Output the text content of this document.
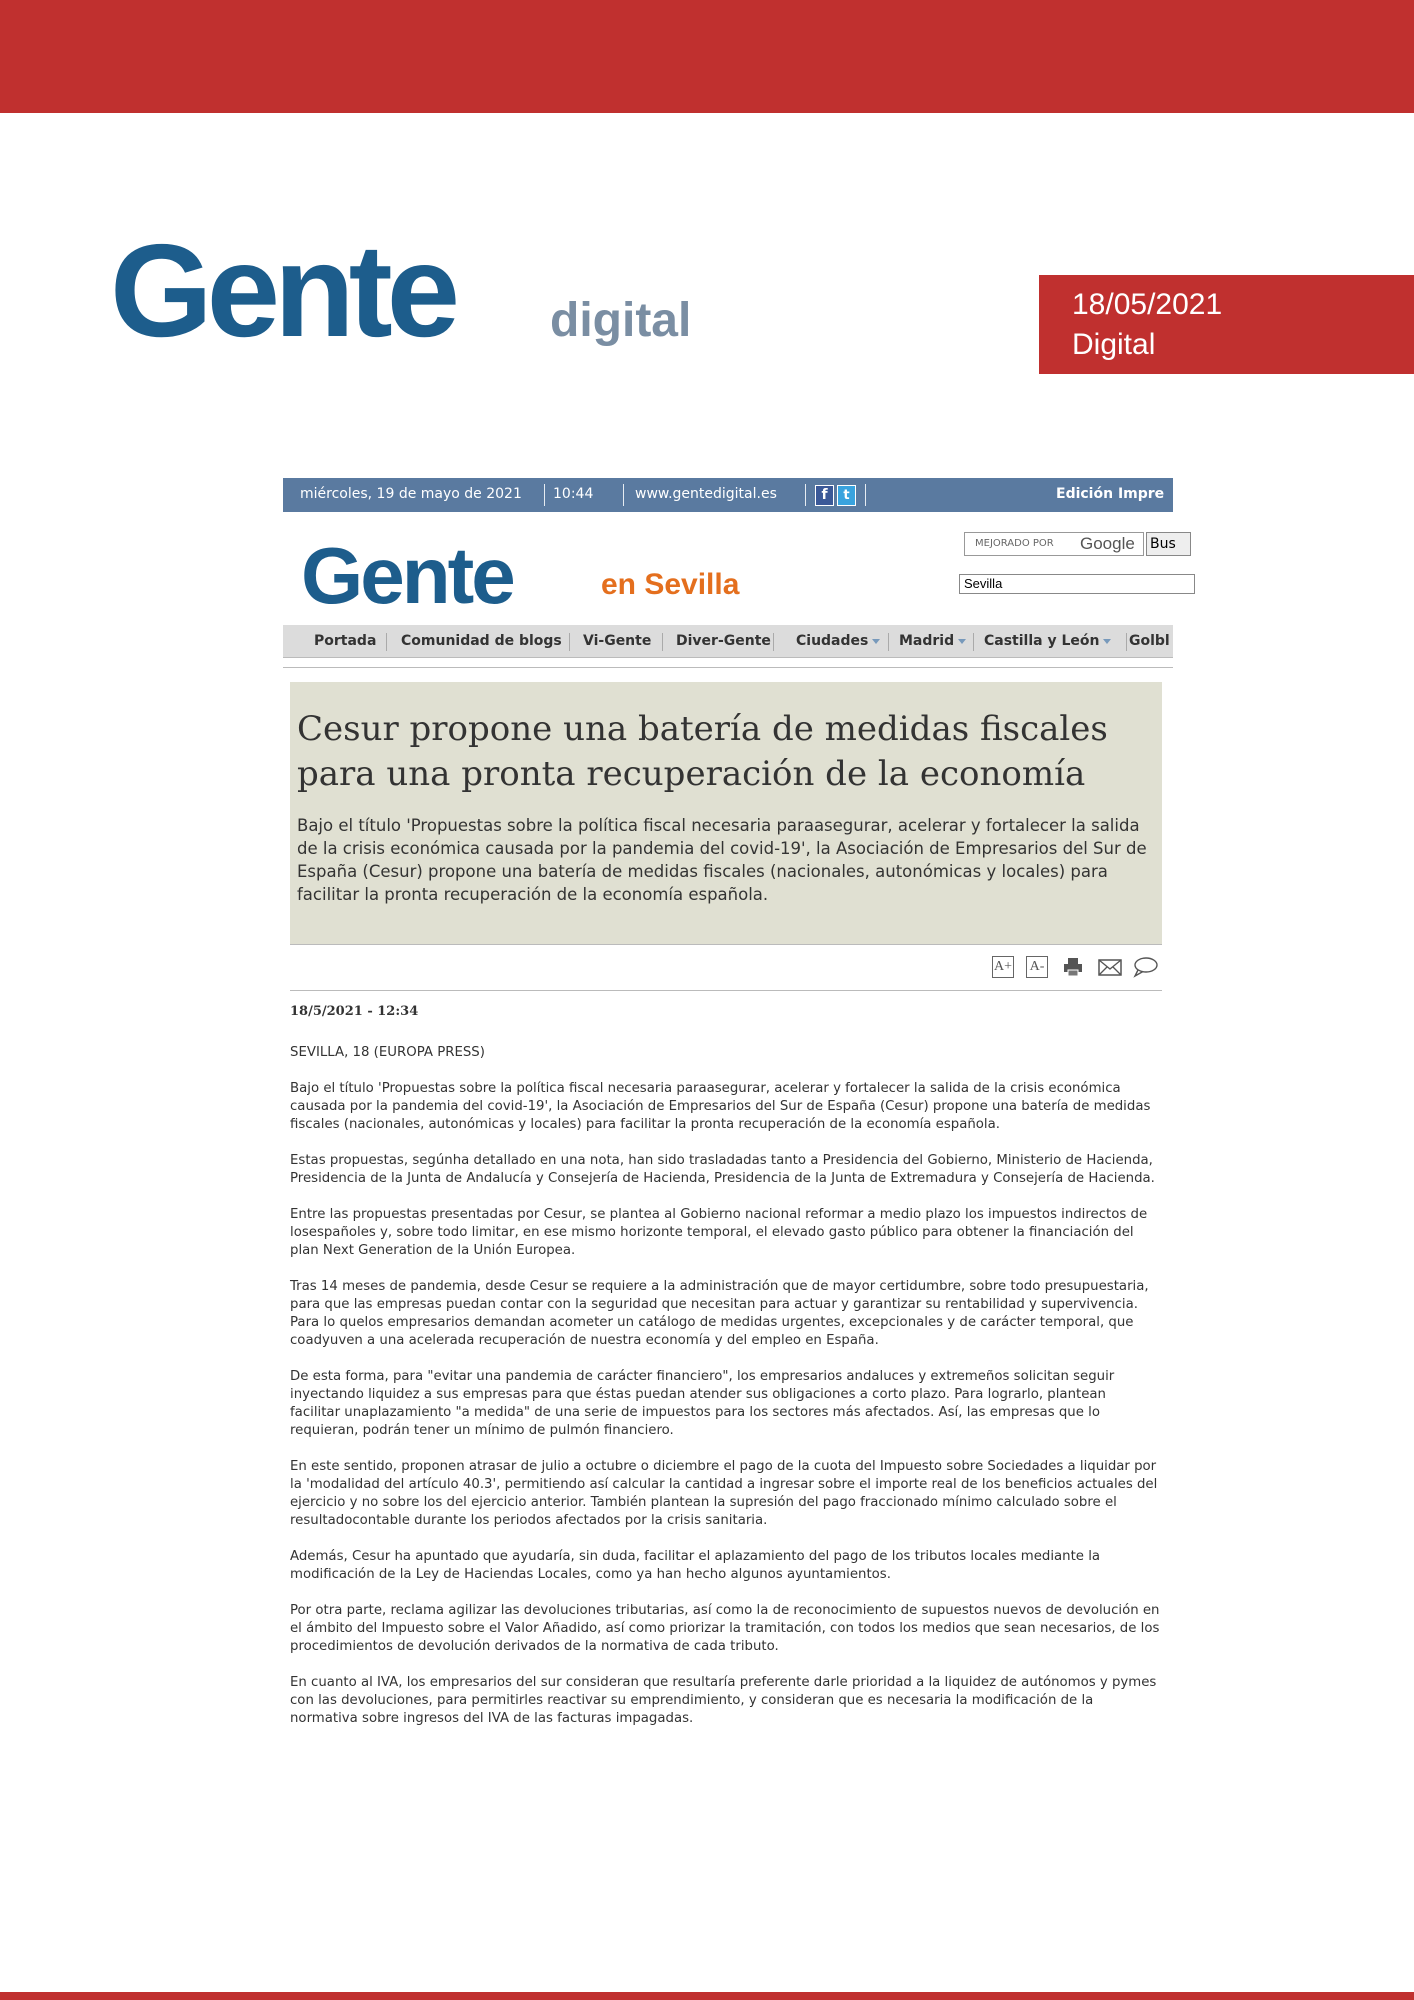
Gente digital	18/05/2021
Digital
miércoles, 19 de mayo de 2021 10:44	www.gentedigital.es	f	t	Edición Impre
Gente	en Sevilla
MEJORADO POR Google Bus
Sevilla
Portada Comunidad de blogs Vi-Gente Diver-Gente Ciudades	Madrid	Castilla y León	Golbl
Cesur propone una batería de medidas fiscales para una pronta recuperación de la economía
Bajo el título 'Propuestas sobre la política fiscal necesaria paraasegurar, acelerar y fortalecer la salida de la crisis económica causada por la pandemia del covid-19', la Asociación de Empresarios del Sur de España (Cesur) propone una batería de medidas fiscales (nacionales, autonómicas y locales) para facilitar la pronta recuperación de la economía española.
A+ A-
18/5/2021 - 12:34

SEVILLA, 18 (EUROPA PRESS)

Bajo el título 'Propuestas sobre la política fiscal necesaria paraasegurar, acelerar y fortalecer la salida de la crisis económica causada por la pandemia del covid-19', la Asociación de Empresarios del Sur de España (Cesur) propone una batería de medidas fiscales (nacionales, autonómicas y locales) para facilitar la pronta recuperación de la economía española.

Estas propuestas, segúnha detallado en una nota, han sido trasladadas tanto a Presidencia del Gobierno, Ministerio de Hacienda, Presidencia de la Junta de Andalucía y Consejería de Hacienda, Presidencia de la Junta de Extremadura y Consejería de Hacienda.

Entre las propuestas presentadas por Cesur, se plantea al Gobierno nacional reformar a medio plazo los impuestos indirectos de losespañoles y, sobre todo limitar, en ese mismo horizonte temporal, el elevado gasto público para obtener la financiación del plan Next Generation de la Unión Europea.

Tras 14 meses de pandemia, desde Cesur se requiere a la administración que de mayor certidumbre, sobre todo presupuestaria, para que las empresas puedan contar con la seguridad que necesitan para actuar y garantizar su rentabilidad y supervivencia. Para lo quelos empresarios demandan acometer un catálogo de medidas urgentes, excepcionales y de carácter temporal, que coadyuven a una acelerada recuperación de nuestra economía y del empleo en España.

De esta forma, para "evitar una pandemia de carácter financiero", los empresarios andaluces y extremeños solicitan seguir inyectando liquidez a sus empresas para que éstas puedan atender sus obligaciones a corto plazo. Para lograrlo, plantean facilitar unaplazamiento "a medida" de una serie de impuestos para los sectores más afectados. Así, las empresas que lo requieran, podrán tener un mínimo de pulmón financiero.

En este sentido, proponen atrasar de julio a octubre o diciembre el pago de la cuota del Impuesto sobre Sociedades a liquidar por la 'modalidad del artículo 40.3', permitiendo así calcular la cantidad a ingresar sobre el importe real de los beneficios actuales del ejercicio y no sobre los del ejercicio anterior. También plantean la supresión del pago fraccionado mínimo calculado sobre el resultadocontable durante los periodos afectados por la crisis sanitaria.

Además, Cesur ha apuntado que ayudaría, sin duda, facilitar el aplazamiento del pago de los tributos locales mediante la modificación de la Ley de Haciendas Locales, como ya han hecho algunos ayuntamientos.

Por otra parte, reclama agilizar las devoluciones tributarias, así como la de reconocimiento de supuestos nuevos de devolución en el ámbito del Impuesto sobre el Valor Añadido, así como priorizar la tramitación, con todos los medios que sean necesarios, de los procedimientos de devolución derivados de la normativa de cada tributo.

En cuanto al IVA, los empresarios del sur consideran que resultaría preferente darle prioridad a la liquidez de autónomos y pymes con las devoluciones, para permitirles reactivar su emprendimiento, y consideran que es necesaria la modificación de la normativa sobre ingresos del IVA de las facturas impagadas.
